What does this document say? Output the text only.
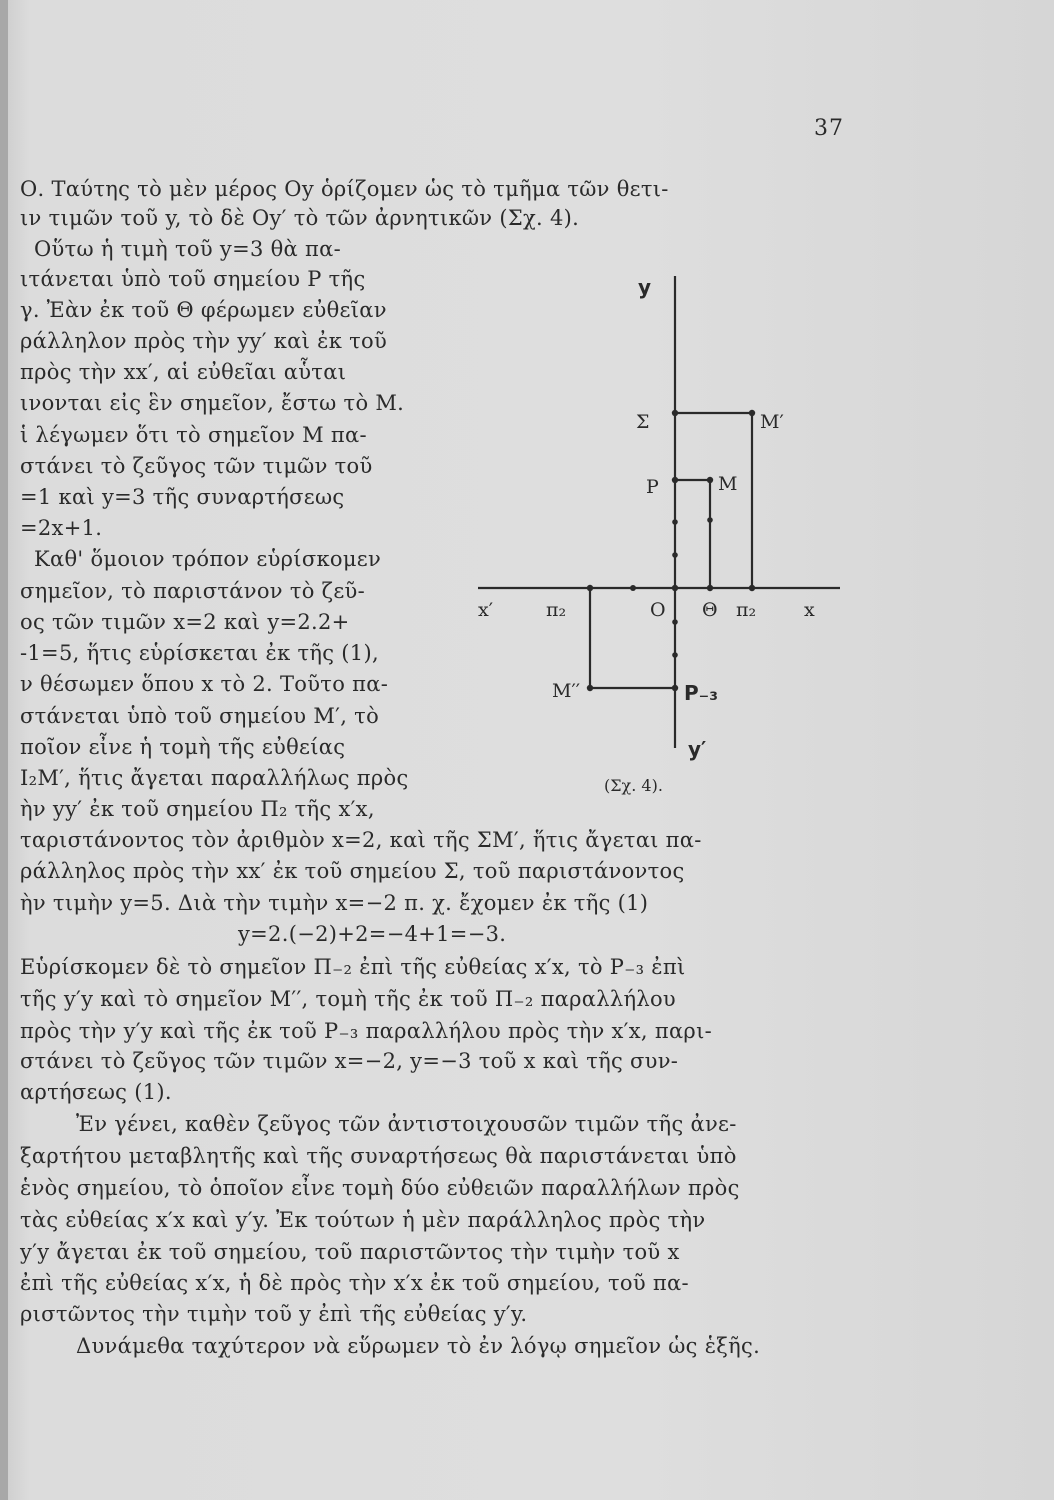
37
Ο. Ταύτης τὸ μὲν μέρος Oy ὁρίζομεν ὡς τὸ τμῆμα τῶν θετι-
ιν τιμῶν τοῦ y, τὸ δὲ Oy′ τὸ τῶν ἀρνητικῶν (Σχ. 4).
Οὕτω ἡ τιμὴ τοῦ y=3 θὰ πα-
ιτάνεται ὑπὸ τοῦ σημείου P τῆς
γ. Ἐὰν ἐκ τοῦ Θ φέρωμεν εὐθεῖαν
ράλληλον πρὸς τὴν yy′ καὶ ἐκ τοῦ
πρὸς τὴν xx′, αἱ εὐθεῖαι αὗται
ινονται εἰς ἓν σημεῖον, ἔστω τὸ M.
ἱ λέγωμεν ὅτι τὸ σημεῖον M πα-
στάνει τὸ ζεῦγος τῶν τιμῶν τοῦ
=1 καὶ y=3 τῆς συναρτήσεως
=2x+1.
Καθ' ὅμοιον τρόπον εὑρίσκομεν
σημεῖον, τὸ παριστάνον τὸ ζεῦ-
ος τῶν τιμῶν x=2 καὶ y=2.2+
-1=5, ἥτις εὑρίσκεται ἐκ τῆς (1),
ν θέσωμεν ὅπου x τὸ 2. Τοῦτο πα-
στάνεται ὑπὸ τοῦ σημείου M′, τὸ
ποῖον εἶνε ἡ τομὴ τῆς εὐθείας
Ι₂M′, ἥτις ἄγεται παραλλήλως πρὸς
ὴν yy′ ἐκ τοῦ σημείου Π₂ τῆς x′x,
y
Σ	M′
P	M
x′	π₂	O Θ π₂	x
M′′	P₋₃
y′
(Σχ. 4).
ταριστάνοντος τὸν ἀριθμὸν x=2, καὶ τῆς ΣM′, ἥτις ἄγεται πα-
ράλληλος πρὸς τὴν xx′ ἐκ τοῦ σημείου Σ, τοῦ παριστάνοντος
ὴν τιμὴν y=5. Διὰ τὴν τιμὴν x=−2 π. χ. ἔχομεν ἐκ τῆς (1)
y=2.(−2)+2=−4+1=−3.
Εὑρίσκομεν δὲ τὸ σημεῖον Π₋₂ ἐπὶ τῆς εὐθείας x′x, τὸ P₋₃ ἐπὶ
τῆς y′y καὶ τὸ σημεῖον M′′, τομὴ τῆς ἐκ τοῦ Π₋₂ παραλλήλου
πρὸς τὴν y′y καὶ τῆς ἐκ τοῦ P₋₃ παραλλήλου πρὸς τὴν x′x, παρι-
στάνει τὸ ζεῦγος τῶν τιμῶν x=−2, y=−3 τοῦ x καὶ τῆς συν-
αρτήσεως (1).
Ἐν γένει, καθὲν ζεῦγος τῶν ἀντιστοιχουσῶν τιμῶν τῆς ἀνε-
ξαρτήτου μεταβλητῆς καὶ τῆς συναρτήσεως θὰ παριστάνεται ὑπὸ
ἑνὸς σημείου, τὸ ὁποῖον εἶνε τομὴ δύο εὐθειῶν παραλλήλων πρὸς
τὰς εὐθείας x′x καὶ y′y. Ἐκ τούτων ἡ μὲν παράλληλος πρὸς τὴν
y′y ἄγεται ἐκ τοῦ σημείου, τοῦ παριστῶντος τὴν τιμὴν τοῦ x
ἐπὶ τῆς εὐθείας x′x, ἡ δὲ πρὸς τὴν x′x ἐκ τοῦ σημείου, τοῦ πα-
ριστῶντος τὴν τιμὴν τοῦ y ἐπὶ τῆς εὐθείας y′y.
Δυνάμεθα ταχύτερον νὰ εὕρωμεν τὸ ἐν λόγῳ σημεῖον ὡς ἑξῆς.
